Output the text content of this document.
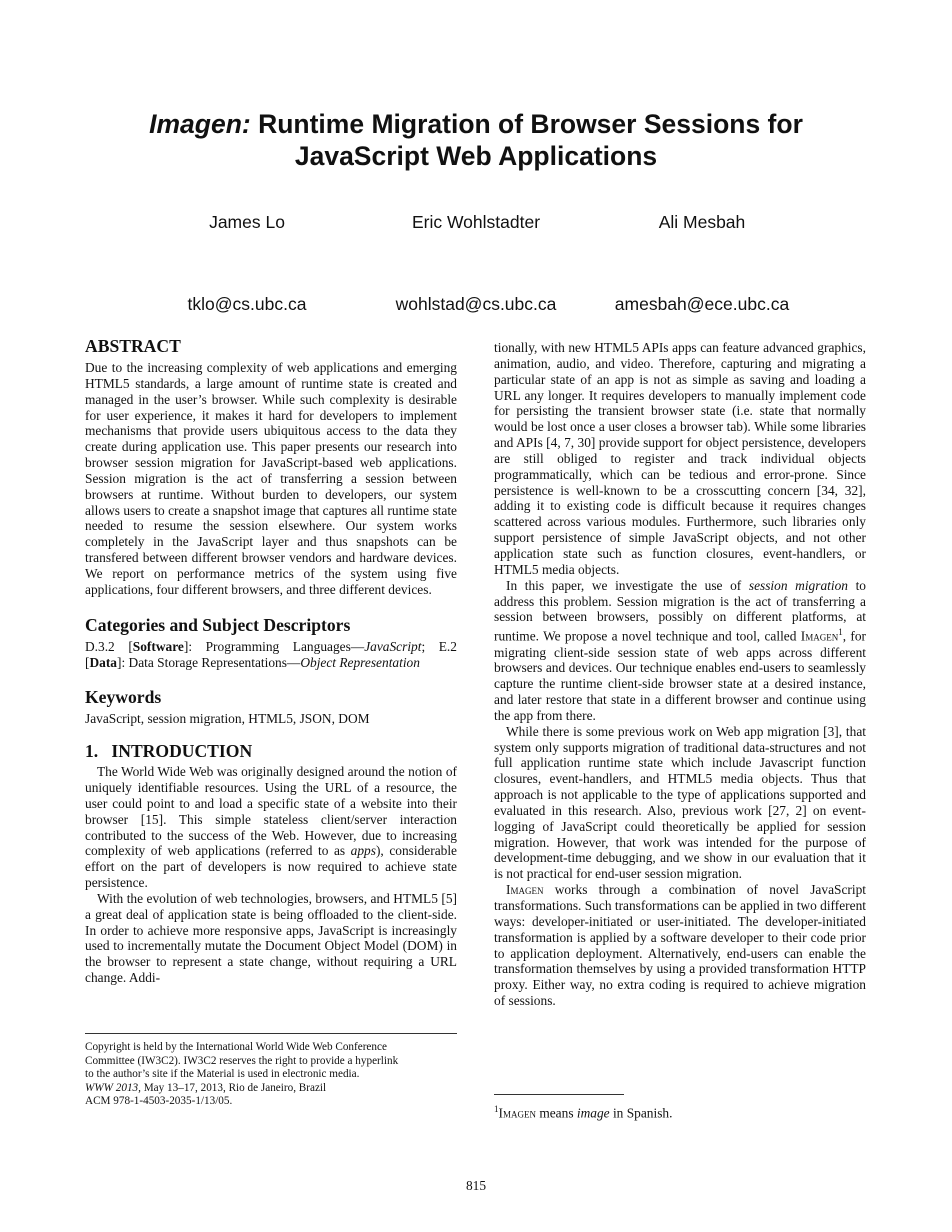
Imagen: Runtime Migration of Browser Sessions for
JavaScript Web Applications
James Lo	Eric Wohlstadter	Ali Mesbah
tklo@cs.ubc.ca	wohlstad@cs.ubc.ca	amesbah@ece.ubc.ca
ABSTRACT

Due to the increasing complexity of web applications and emerging HTML5 standards, a large amount of runtime state is created and managed in the user’s browser. While such complexity is desirable for user experience, it makes it hard for developers to implement mechanisms that provide users ubiquitous access to the data they create during application use. This paper presents our research into browser session migration for JavaScript-based web applications. Session migration is the act of transferring a session between browsers at runtime. Without burden to developers, our system allows users to create a snapshot image that captures all runtime state needed to resume the session elsewhere. Our system works completely in the JavaScript layer and thus snapshots can be transfered between different browser vendors and hardware devices. We report on performance metrics of the system using five applications, four different browsers, and three different devices.

Categories and Subject Descriptors

D.3.2 [Software]: Programming Languages—JavaScript; E.2 [Data]: Data Storage Representations—Object Representation

Keywords

JavaScript, session migration, HTML5, JSON, DOM

1.   INTRODUCTION

The World Wide Web was originally designed around the notion of uniquely identifiable resources. Using the URL of a resource, the user could point to and load a specific state of a website into their browser [15]. This simple stateless client/server interaction contributed to the success of the Web. However, due to increasing complexity of web applications (referred to as apps), considerable effort on the part of developers is now required to achieve state persistence.

With the evolution of web technologies, browsers, and HTML5 [5] a great deal of application state is being offloaded to the client-side. In order to achieve more responsive apps, JavaScript is increasingly used to incrementally mutate the Document Object Model (DOM) in the browser to represent a state change, without requiring a URL change. Addi-

Copyright is held by the International World Wide Web Conference
Committee (IW3C2). IW3C2 reserves the right to provide a hyperlink
to the author’s site if the Material is used in electronic media.
WWW 2013, May 13–17, 2013, Rio de Janeiro, Brazil
ACM 978-1-4503-2035-1/13/05.

tionally, with new HTML5 APIs apps can feature advanced graphics, animation, audio, and video. Therefore, capturing and migrating a particular state of an app is not as simple as saving and loading a URL any longer. It requires developers to manually implement code for persisting the transient browser state (i.e. state that normally would be lost once a user closes a browser tab). While some libraries and APIs [4, 7, 30] provide support for object persistence, developers are still obliged to register and track individual objects programmatically, which can be tedious and error-prone. Since persistence is well-known to be a crosscutting concern [34, 32], adding it to existing code is difficult because it requires changes scattered across various modules. Furthermore, such libraries only support persistence of simple JavaScript objects, and not other application state such as function closures, event-handlers, or HTML5 media objects.

In this paper, we investigate the use of session migration to address this problem. Session migration is the act of transferring a session between browsers, possibly on different platforms, at runtime. We propose a novel technique and tool, called Imagen$^1$, for migrating client-side session state of web apps across different browsers and devices. Our technique enables end-users to seamlessly capture the runtime client-side browser state at a desired instance, and later restore that state in a different browser and continue using the app from there.

While there is some previous work on Web app migration [3], that system only supports migration of traditional data-structures and not full application runtime state which include Javascript function closures, event-handlers, and HTML5 media objects. Thus that approach is not applicable to the type of applications supported and evaluated in this research. Also, previous work [27, 2] on event-logging of JavaScript could theoretically be applied for session migration. However, that work was intended for the purpose of development-time debugging, and we show in our evaluation that it is not practical for end-user session migration.

Imagen works through a combination of novel JavaScript transformations. Such transformations can be applied in two different ways: developer-initiated or user-initiated. The developer-initiated transformation is applied by a software developer to their code prior to application deployment. Alternatively, end-users can enable the transformation themselves by using a provided transformation HTTP proxy. Either way, no extra coding is required to achieve migration of sessions.

$^1$Imagen means image in Spanish.
815
